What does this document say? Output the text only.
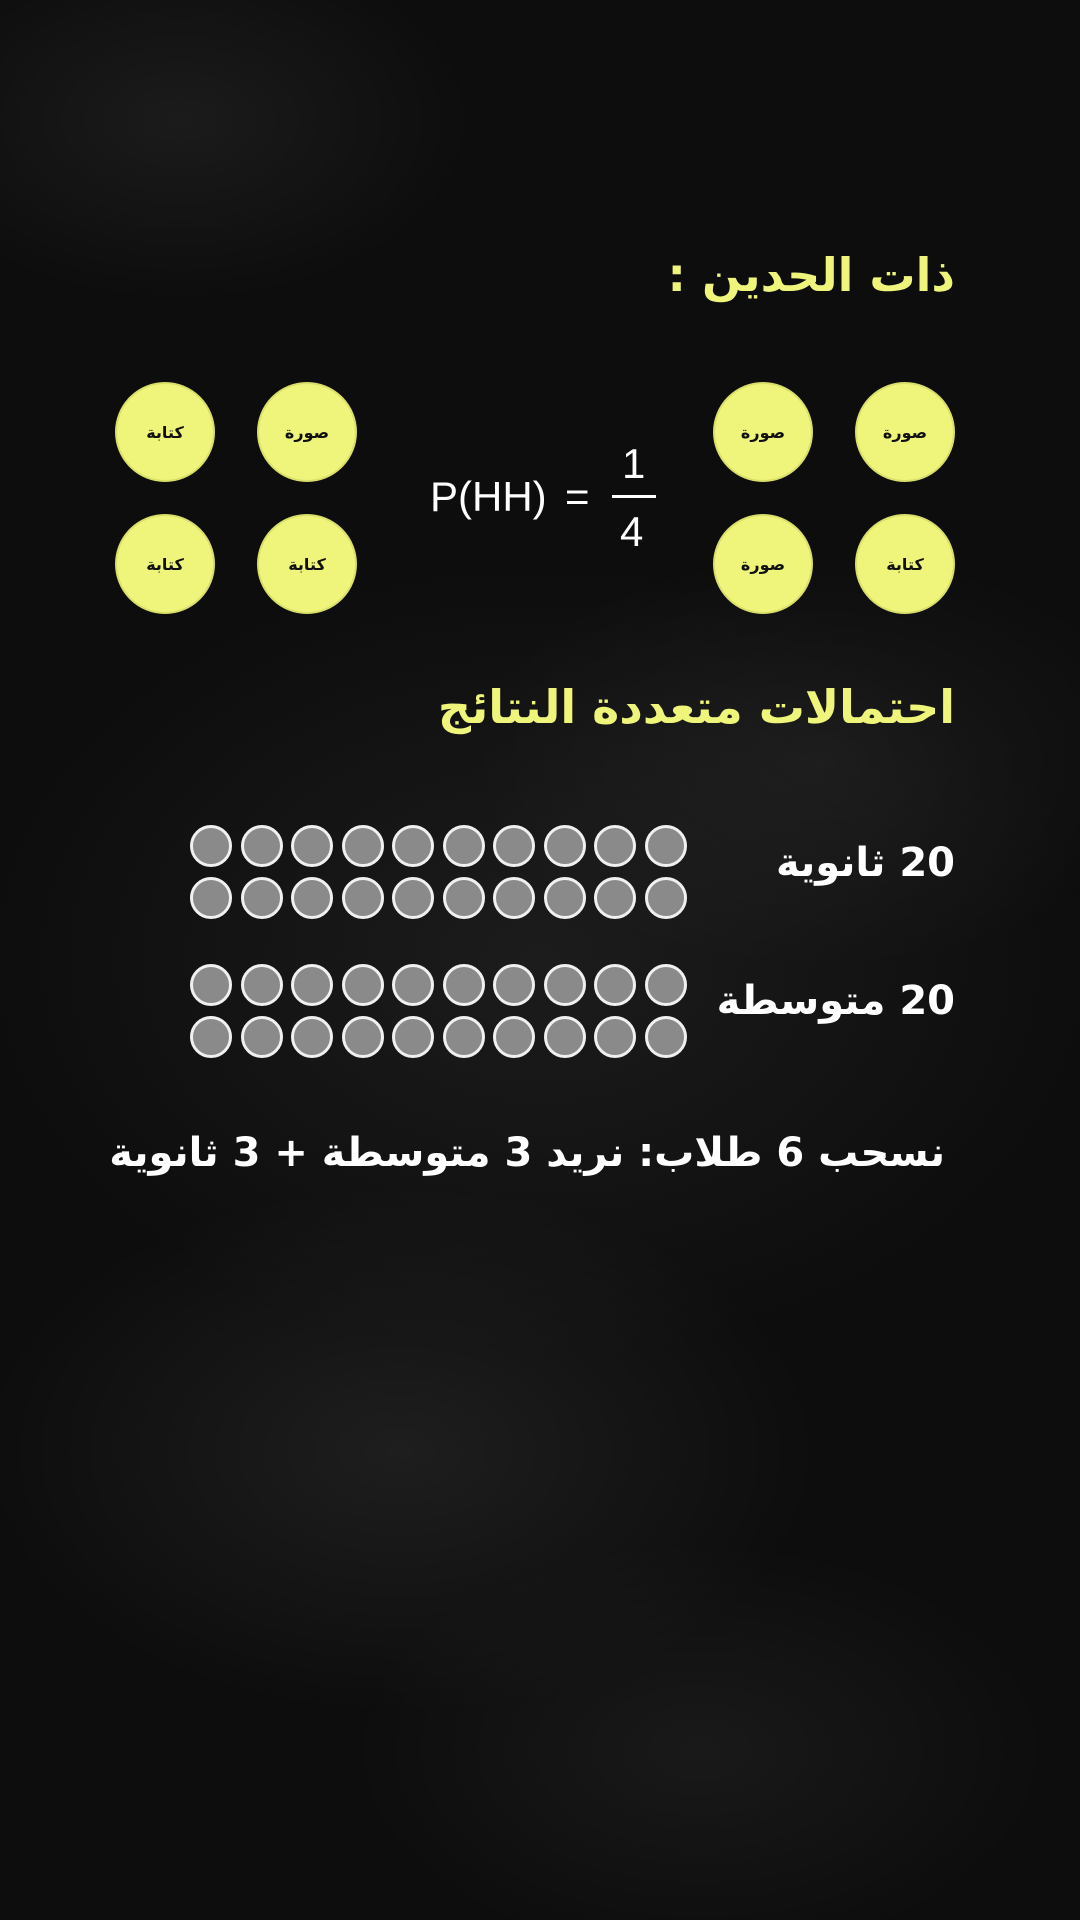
ذات الحدين :
كتابة	صورة
كتابة	كتابة
P(HH) =
1
4
صورة	صورة
صورة	كتابة
احتمالات متعددة النتائج
20 ثانوية
20 متوسطة
نسحب 6 طلاب: نريد 3 متوسطة + 3 ثانوية
